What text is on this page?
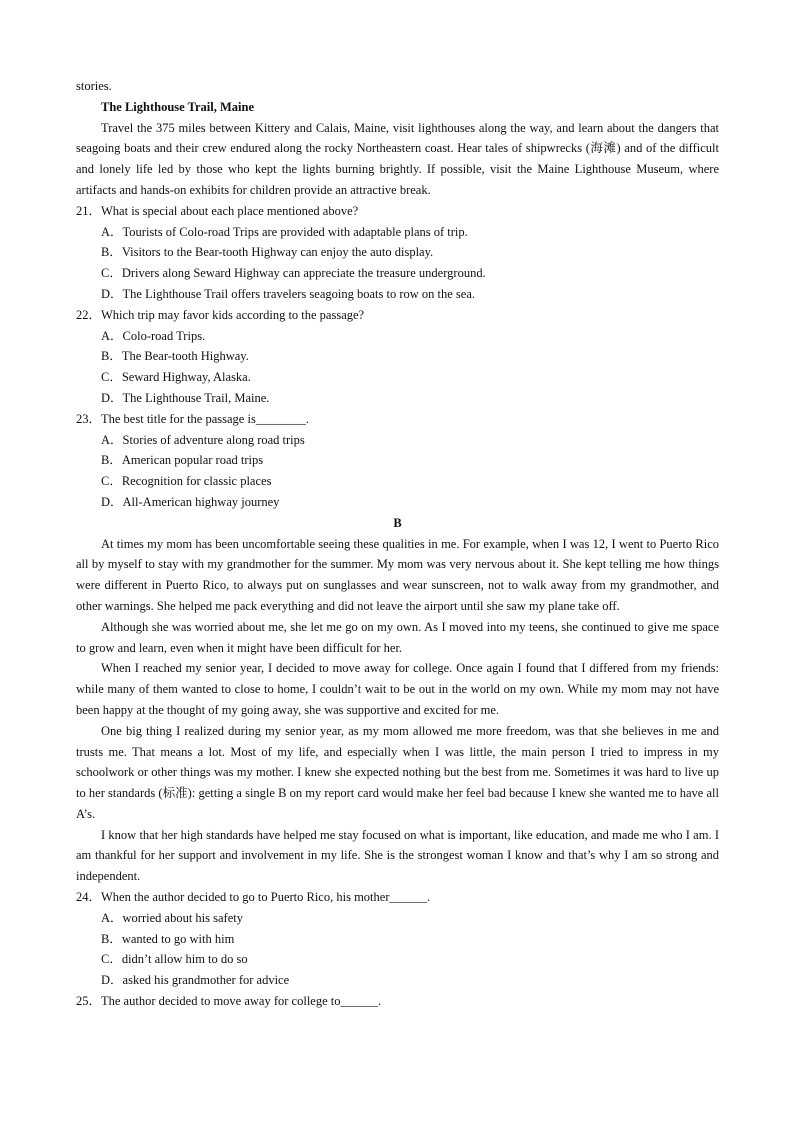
stories.
The Lighthouse Trail, Maine

Travel the 375 miles between Kittery and Calais, Maine, visit lighthouses along the way, and learn about the dangers that seagoing boats and their crew endured along the rocky Northeastern coast. Hear tales of shipwrecks (海滩) and of the difficult and lonely life led by those who kept the lights burning brightly. If possible, visit the Maine Lighthouse Museum, where artifacts and hands-on exhibits for children provide an attractive break.

21．What is special about each place mentioned above?

A．Tourists of Colo-road Trips are provided with adaptable plans of trip.

B．Visitors to the Bear-tooth Highway can enjoy the auto display.

C．Drivers along Seward Highway can appreciate the treasure underground.

D．The Lighthouse Trail offers travelers seagoing boats to row on the sea.

22．Which trip may favor kids according to the passage?

A．Colo-road Trips.

B．The Bear-tooth Highway.

C．Seward Highway, Alaska.

D．The Lighthouse Trail, Maine.

23．The best title for the passage is________.

A．Stories of adventure along road trips

B．American popular road trips

C．Recognition for classic places

D．All-American highway journey

B

At times my mom has been uncomfortable seeing these qualities in me. For example, when I was 12, I went to Puerto Rico all by myself to stay with my grandmother for the summer. My mom was very nervous about it. She kept telling me how things were different in Puerto Rico, to always put on sunglasses and wear sunscreen, not to walk away from my grandmother, and other warnings. She helped me pack everything and did not leave the airport until she saw my plane take off.

Although she was worried about me, she let me go on my own. As I moved into my teens, she continued to give me space to grow and learn, even when it might have been difficult for her.

When I reached my senior year, I decided to move away for college. Once again I found that I differed from my friends: while many of them wanted to close to home, I couldn’t wait to be out in the world on my own. While my mom may not have been happy at the thought of my going away, she was supportive and excited for me.

One big thing I realized during my senior year, as my mom allowed me more freedom, was that she believes in me and trusts me. That means a lot. Most of my life, and especially when I was little, the main person I tried to impress in my schoolwork or other things was my mother. I knew she expected nothing but the best from me. Sometimes it was hard to live up to her standards (标准): getting a single B on my report card would make her feel bad because I knew she wanted me to have all A’s.

I know that her high standards have helped me stay focused on what is important, like education, and made me who I am. I am thankful for her support and involvement in my life. She is the strongest woman I know and that’s why I am so strong and independent.

24．When the author decided to go to Puerto Rico, his mother______.

A．worried about his safety

B．wanted to go with him

C．didn’t allow him to do so

D．asked his grandmother for advice

25．The author decided to move away for college to______.
